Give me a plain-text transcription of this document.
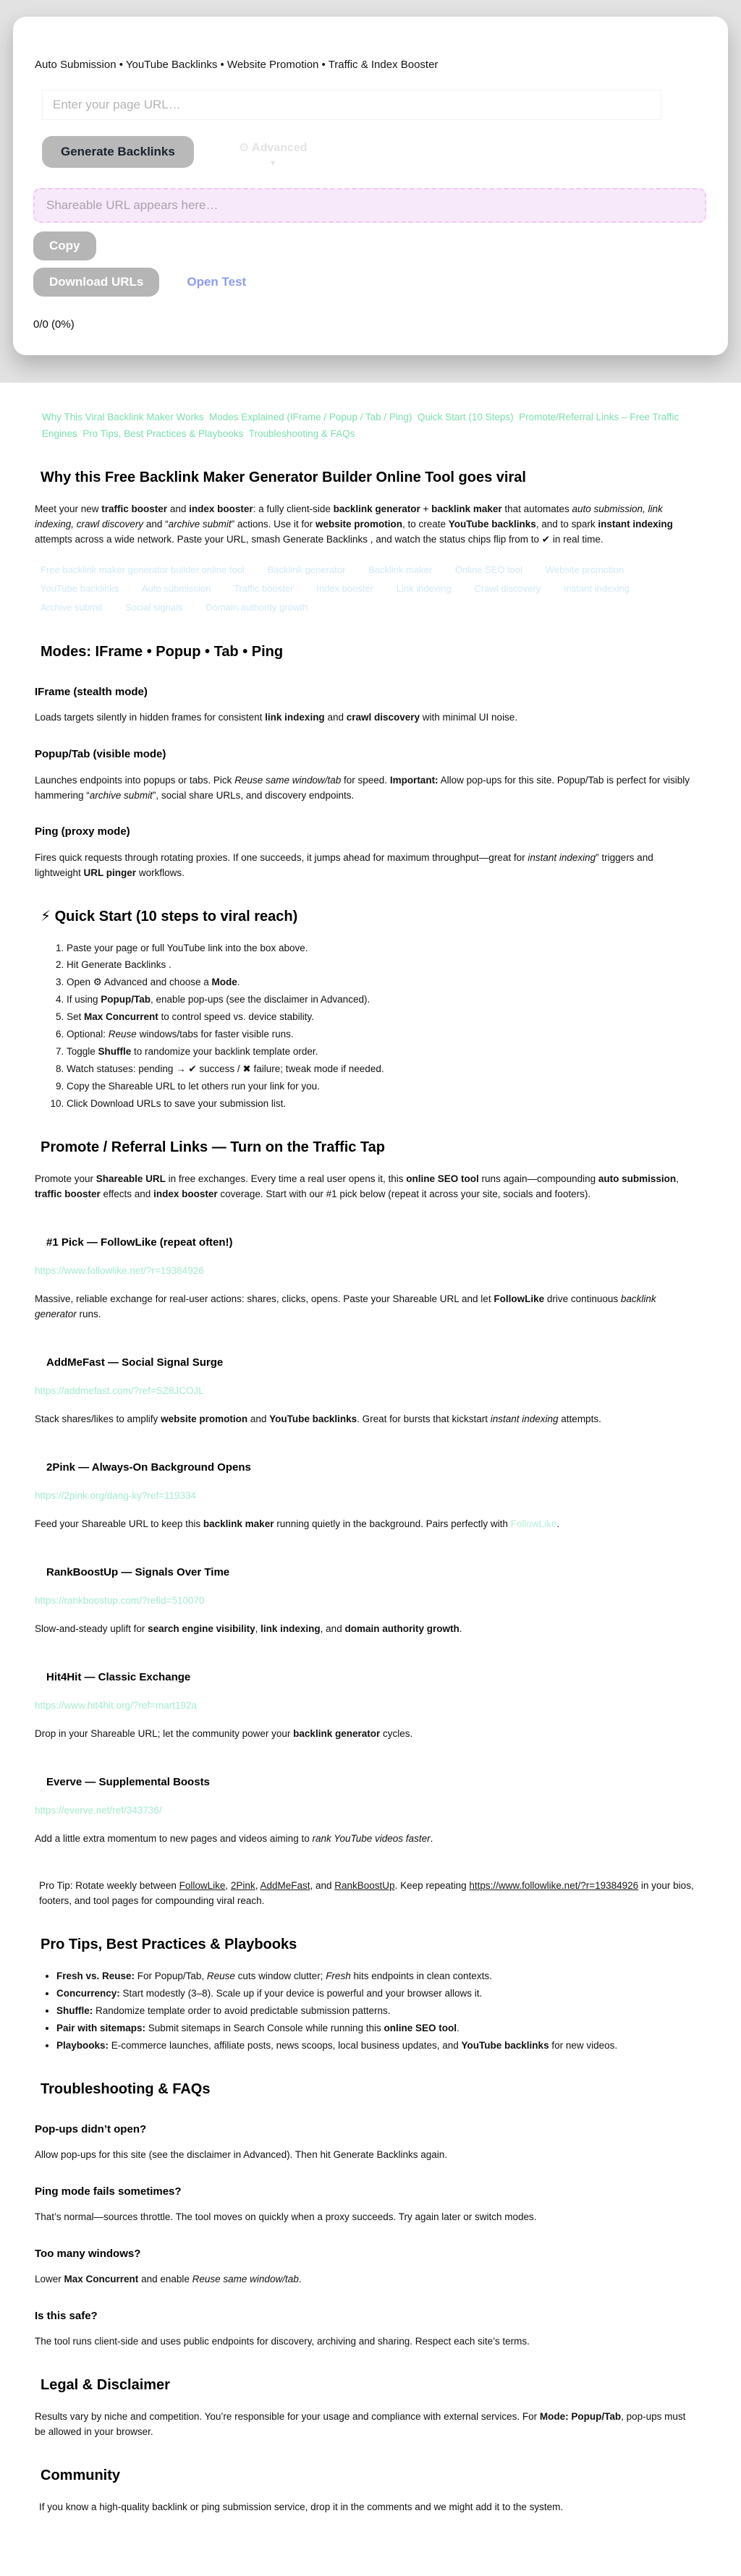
Auto Submission • YouTube Backlinks • Website Promotion • Traffic & Index Booster

Enter your page URL…
Generate Backlinks	⚙ Advanced
▾
Shareable URL appears here…
Copy
Download URLs	Open Test
0/0 (0%)
Why This Viral Backlink Maker Works Modes Explained (IFrame / Popup / Tab / Ping) Quick Start (10 Steps) Promote/Referral Links – Free Traffic Engines Pro Tips, Best Practices & Playbooks Troubleshooting & FAQs
Why this Free Backlink Maker Generator Builder Online Tool goes viral

Meet your new traffic booster and index booster: a fully client-side backlink generator + backlink maker that automates auto submission, link indexing, crawl discovery and “archive submit” actions. Use it for website promotion, to create YouTube backlinks, and to spark instant indexing attempts across a wide network. Paste your URL, smash Generate Backlinks , and watch the status chips flip from to ✔ in real time.

Free backlink maker generator builder online tool Backlink generator Backlink maker Online SEO tool Website promotion YouTube backlinks Auto submission Traffic booster Index booster Link indexing Crawl discovery Instant indexing Archive submit Social signals Domain authority growth
Modes: IFrame • Popup • Tab • Ping
IFrame (stealth mode)

Loads targets silently in hidden frames for consistent link indexing and crawl discovery with minimal UI noise.

Popup/Tab (visible mode)

Launches endpoints into popups or tabs. Pick Reuse same window/tab for speed. Important: Allow pop-ups for this site. Popup/Tab is perfect for visibly hammering “archive submit”, social share URLs, and discovery endpoints.

Ping (proxy mode)

Fires quick requests through rotating proxies. If one succeeds, it jumps ahead for maximum throughput—great for instant indexing” triggers and lightweight URL pinger workflows.

⚡ Quick Start (10 steps to viral reach)
1. Paste your page or full YouTube link into the box above.
2. Hit Generate Backlinks .
3. Open ⚙ Advanced and choose a Mode.
4. If using Popup/Tab, enable pop-ups (see the disclaimer in Advanced).
5. Set Max Concurrent to control speed vs. device stability.
6. Optional: Reuse windows/tabs for faster visible runs.
7. Toggle Shuffle to randomize your backlink template order.
8. Watch statuses: pending → ✔ success / ✖ failure; tweak mode if needed.
9. Copy the Shareable URL to let others run your link for you.
10. Click Download URLs to save your submission list.
Promote / Referral Links — Turn on the Traffic Tap

Promote your Shareable URL in free exchanges. Every time a real user opens it, this online SEO tool runs again—compounding auto submission, traffic booster effects and index booster coverage. Start with our #1 pick below (repeat it across your site, socials and footers).

#1 Pick — FollowLike (repeat often!)

https://www.followlike.net/?r=19384926

Massive, reliable exchange for real-user actions: shares, clicks, opens. Paste your Shareable URL and let FollowLike drive continuous backlink generator runs.

AddMeFast — Social Signal Surge

https://addmefast.com/?ref=SZ8JCOJL

Stack shares/likes to amplify website promotion and YouTube backlinks. Great for bursts that kickstart instant indexing attempts.

2Pink — Always-On Background Opens

https://2pink.org/dang-ky?ref=119334

Feed your Shareable URL to keep this backlink maker running quietly in the background. Pairs perfectly with FollowLike.

RankBoostUp — Signals Over Time

https://rankboostup.com/?refid=510070

Slow-and-steady uplift for search engine visibility, link indexing, and domain authority growth.

Hit4Hit — Classic Exchange

https://www.hit4hit.org/?ref=mart192a

Drop in your Shareable URL; let the community power your backlink generator cycles.

Everve — Supplemental Boosts

https://everve.net/ref/343736/

Add a little extra momentum to new pages and videos aiming to rank YouTube videos faster.

Pro Tip: Rotate weekly between FollowLike, 2Pink, AddMeFast, and RankBoostUp. Keep repeating https://www.followlike.net/?r=19384926 in your bios, footers, and tool pages for compounding viral reach.

Pro Tips, Best Practices & Playbooks
• Fresh vs. Reuse: For Popup/Tab, Reuse cuts window clutter; Fresh hits endpoints in clean contexts.
• Concurrency: Start modestly (3–8). Scale up if your device is powerful and your browser allows it.
• Shuffle: Randomize template order to avoid predictable submission patterns.
• Pair with sitemaps: Submit sitemaps in Search Console while running this online SEO tool.
• Playbooks: E-commerce launches, affiliate posts, news scoops, local business updates, and YouTube backlinks for new videos.
Troubleshooting & FAQs
Pop-ups didn’t open?

Allow pop-ups for this site (see the disclaimer in Advanced). Then hit Generate Backlinks again.

Ping mode fails sometimes?

That’s normal—sources throttle. The tool moves on quickly when a proxy succeeds. Try again later or switch modes.

Too many windows?

Lower Max Concurrent and enable Reuse same window/tab.

Is this safe?

The tool runs client-side and uses public endpoints for discovery, archiving and sharing. Respect each site’s terms.

Legal & Disclaimer

Results vary by niche and competition. You’re responsible for your usage and compliance with external services. For Mode: Popup/Tab, pop-ups must be allowed in your browser.

Community

If you know a high-quality backlink or ping submission service, drop it in the comments and we might add it to the system.
